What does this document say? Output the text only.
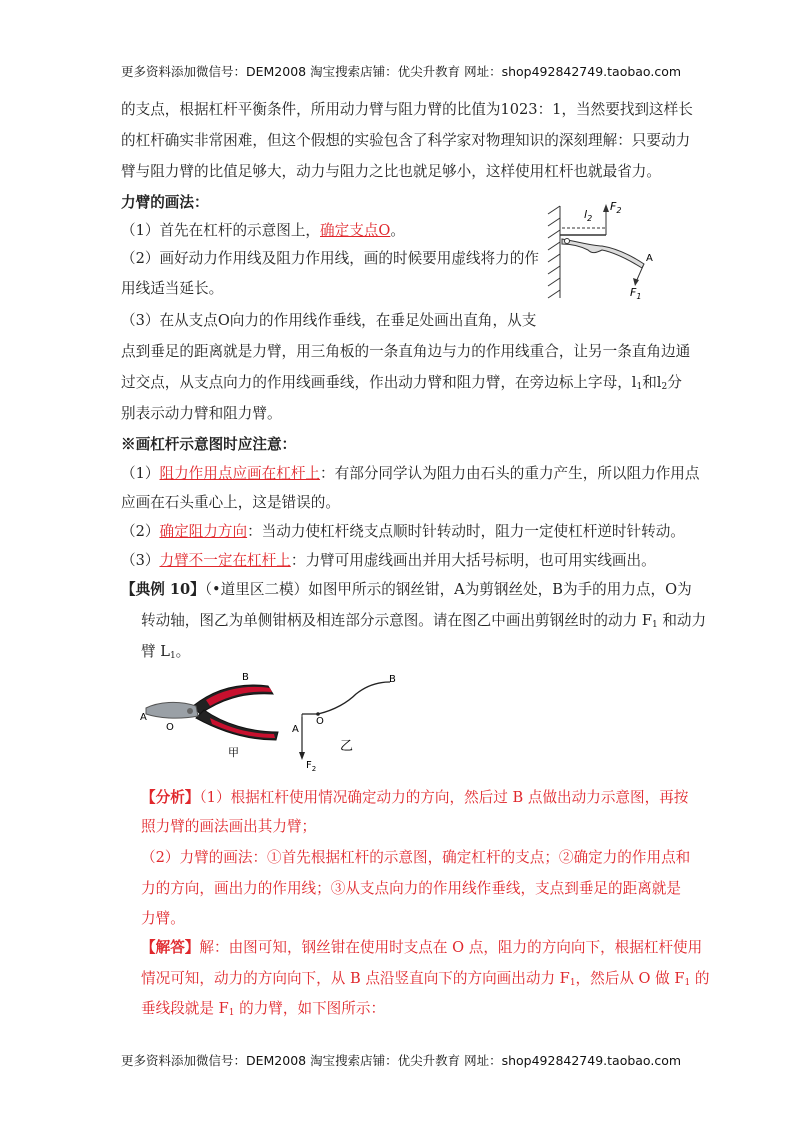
更多资料添加微信号：DEM2008 淘宝搜索店铺：优尖升教育 网址：shop492842749.taobao.com
的支点，根据杠杆平衡条件，所用动力臂与阻力臂的比值为1023：1，当然要找到这样长
的杠杆确实非常困难，但这个假想的实验包含了科学家对物理知识的深刻理解：只要动力
臂与阻力臂的比值足够大，动力与阻力之比也就足够小，这样使用杠杆也就最省力。
力臂的画法：
（1）首先在杠杆的示意图上，确定支点O。
（2）画好动力作用线及阻力作用线，画的时候要用虚线将力的作
用线适当延长。
（3）在从支点O向力的作用线作垂线，在垂足处画出直角，从支
点到垂足的距离就是力臂，用三角板的一条直角边与力的作用线重合，让另一条直角边通
过交点，从支点向力的作用线画垂线，作出动力臂和阻力臂，在旁边标上字母，$l_1$和$l_2$分
别表示动力臂和阻力臂。
$l_2$
$F_2$
A
$F_1$
※画杠杆示意图时应注意：
（1）阻力作用点应画在杠杆上：有部分同学认为阻力由石头的重力产生，所以阻力作用点
应画在石头重心上，这是错误的。
（2）确定阻力方向：当动力使杠杆绕支点顺时针转动时，阻力一定使杠杆逆时针转动。
（3）力臂不一定在杠杆上：力臂可用虚线画出并用大括号标明，也可用实线画出。
【典例 10】（•道里区二模）如图甲所示的钢丝钳，A为剪钢丝处，B为手的用力点，O为
转动轴，图乙为单侧钳柄及相连部分示意图。请在图乙中画出剪钢丝时的动力 $F_1$ 和动力
臂 $L_1$。
B
A
O
甲
B
A
O
$F_2$
乙
【分析】（1）根据杠杆使用情况确定动力的方向，然后过 B 点做出动力示意图，再按
照力臂的画法画出其力臂；
（2）力臂的画法：①首先根据杠杆的示意图，确定杠杆的支点；②确定力的作用点和
力的方向，画出力的作用线；③从支点向力的作用线作垂线，支点到垂足的距离就是
力臂。
【解答】解：由图可知，钢丝钳在使用时支点在 O 点，阻力的方向向下，根据杠杆使用
情况可知，动力的方向向下，从 B 点沿竖直向下的方向画出动力 $F_1$，然后从 O 做 $F_1$ 的
垂线段就是 $F_1$ 的力臂，如下图所示：
更多资料添加微信号：DEM2008 淘宝搜索店铺：优尖升教育 网址：shop492842749.taobao.com
